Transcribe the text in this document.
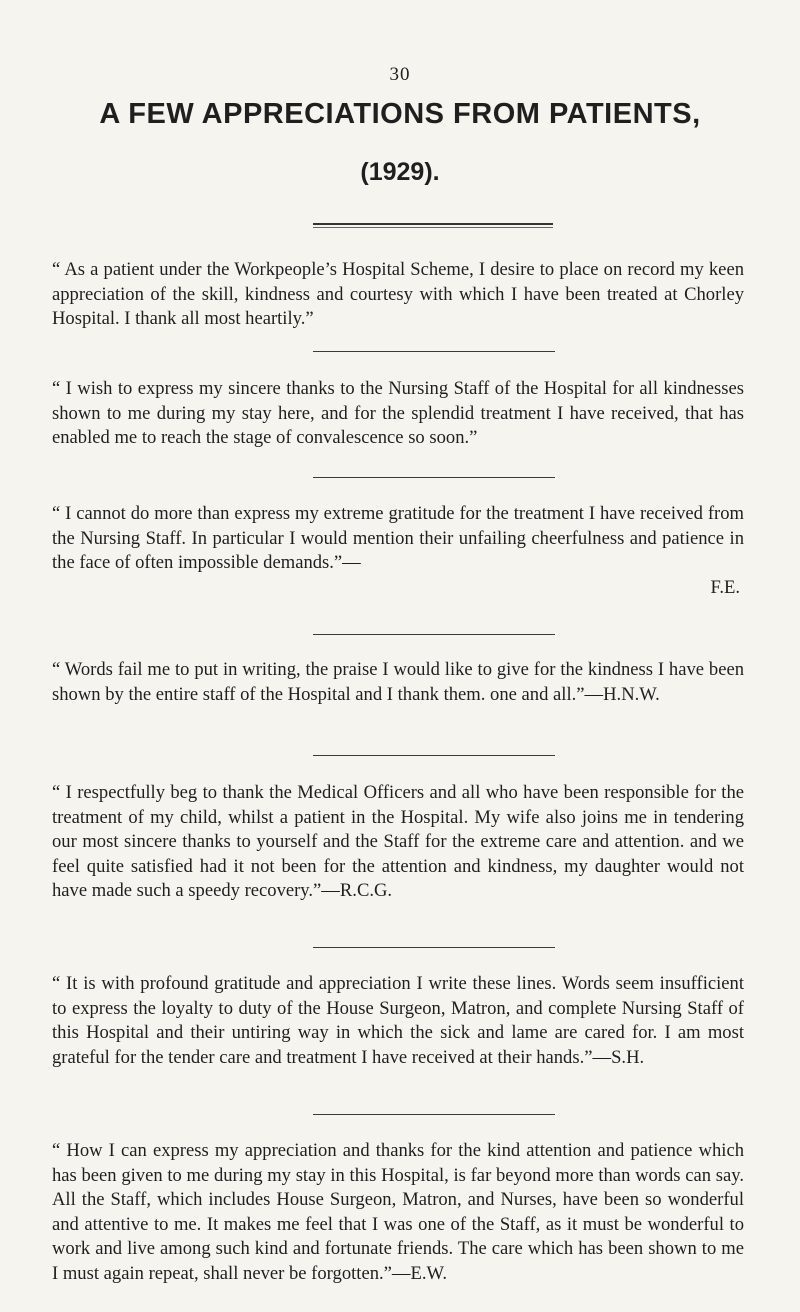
30
A FEW APPRECIATIONS FROM PATIENTS,
(1929).

“ As a patient under the Workpeople’s Hospital Scheme, I desire to place on record my keen appreciation of the skill, kindness and courtesy with which I have been treated at Chorley Hospital. I thank all most heartily.”

“ I wish to express my sincere thanks to the Nursing Staff of the Hospital for all kindnesses shown to me during my stay here, and for the splendid treatment I have received, that has enabled me to reach the stage of convalescence so soon.”

“ I cannot do more than express my extreme gratitude for the treatment I have received from the Nursing Staff. In particular I would mention their unfailing cheerfulness and patience in the face of often impossible demands.”—
F.E.

“ Words fail me to put in writing, the praise I would like to give for the kindness I have been shown by the entire staff of the Hospital and I thank them. one and all.”—H.N.W.

“ I respectfully beg to thank the Medical Officers and all who have been responsible for the treatment of my child, whilst a patient in the Hospital. My wife also joins me in tendering our most sincere thanks to yourself and the Staff for the extreme care and attention. and we feel quite satisfied had it not been for the attention and kindness, my daughter would not have made such a speedy recovery.”—R.C.G.

“ It is with profound gratitude and appreciation I write these lines. Words seem insufficient to express the loyalty to duty of the House Surgeon, Matron, and complete Nursing Staff of this Hospital and their untiring way in which the sick and lame are cared for. I am most grateful for the tender care and treatment I have received at their hands.”—S.H.

“ How I can express my appreciation and thanks for the kind attention and patience which has been given to me during my stay in this Hospital, is far beyond more than words can say. All the Staff, which includes House Surgeon, Matron, and Nurses, have been so wonderful and attentive to me. It makes me feel that I was one of the Staff, as it must be wonderful to work and live among such kind and fortunate friends. The care which has been shown to me I must again repeat, shall never be forgotten.”—E.W.
